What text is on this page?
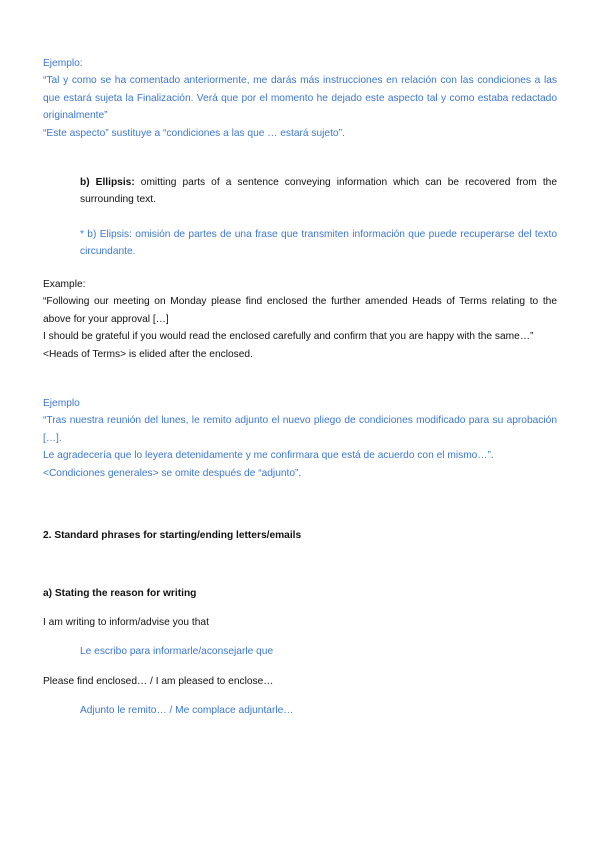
Ejemplo:

“Tal y como se ha comentado anteriormente, me darás más instrucciones en relación con las condiciones a las que estará sujeta la Finalización. Verá que por el momento he dejado este aspecto tal y como estaba redactado originalmente”

“Este aspecto” sustituye a “condiciones a las que … estará sujeto”.

b) Ellipsis: omitting parts of a sentence conveying information which can be recovered from the surrounding text.

* b) Elipsis: omisión de partes de una frase que transmiten información que puede recuperarse del texto circundante.

Example:

“Following our meeting on Monday please find enclosed the further amended Heads of Terms relating to the above for your approval […]

I should be grateful if you would read the enclosed carefully and confirm that you are happy with the same…”

<Heads of Terms> is elided after the enclosed.

Ejemplo

“Tras nuestra reunión del lunes, le remito adjunto el nuevo pliego de condiciones modificado para su aprobación […].

Le agradecería que lo leyera detenidamente y me confirmara que está de acuerdo con el mismo…”.

<Condiciones generales> se omite después de “adjunto”.

2. Standard phrases for starting/ending letters/emails

a) Stating the reason for writing

I am writing to inform/advise you that

Le escribo para informarle/aconsejarle que

Please find enclosed… / I am pleased to enclose…

Adjunto le remito… / Me complace adjuntarle…
